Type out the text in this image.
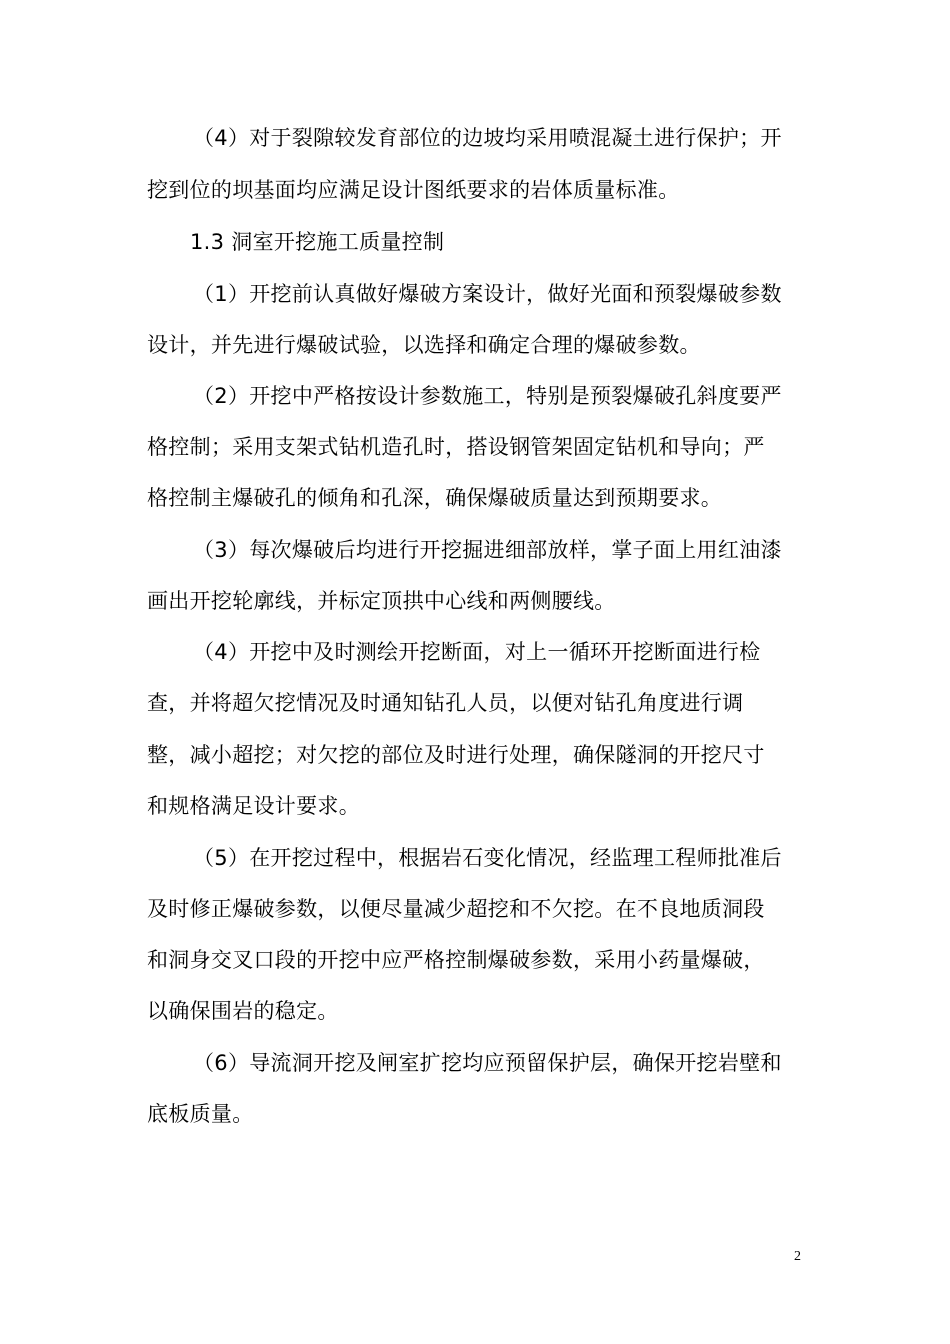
（4）对于裂隙较发育部位的边坡均采用喷混凝土进行保护；开
挖到位的坝基面均应满足设计图纸要求的岩体质量标准。
1.3 洞室开挖施工质量控制
（1）开挖前认真做好爆破方案设计，做好光面和预裂爆破参数
设计，并先进行爆破试验，以选择和确定合理的爆破参数。
（2）开挖中严格按设计参数施工，特别是预裂爆破孔斜度要严
格控制；采用支架式钻机造孔时，搭设钢管架固定钻机和导向；严
格控制主爆破孔的倾角和孔深，确保爆破质量达到预期要求。
（3）每次爆破后均进行开挖掘进细部放样，掌子面上用红油漆
画出开挖轮廓线，并标定顶拱中心线和两侧腰线。
（4）开挖中及时测绘开挖断面，对上一循环开挖断面进行检
查，并将超欠挖情况及时通知钻孔人员，以便对钻孔角度进行调
整，减小超挖；对欠挖的部位及时进行处理，确保隧洞的开挖尺寸
和规格满足设计要求。
（5）在开挖过程中，根据岩石变化情况，经监理工程师批准后
及时修正爆破参数，以便尽量减少超挖和不欠挖。在不良地质洞段
和洞身交叉口段的开挖中应严格控制爆破参数，采用小药量爆破，
以确保围岩的稳定。
（6）导流洞开挖及闸室扩挖均应预留保护层，确保开挖岩壁和
底板质量。
2
